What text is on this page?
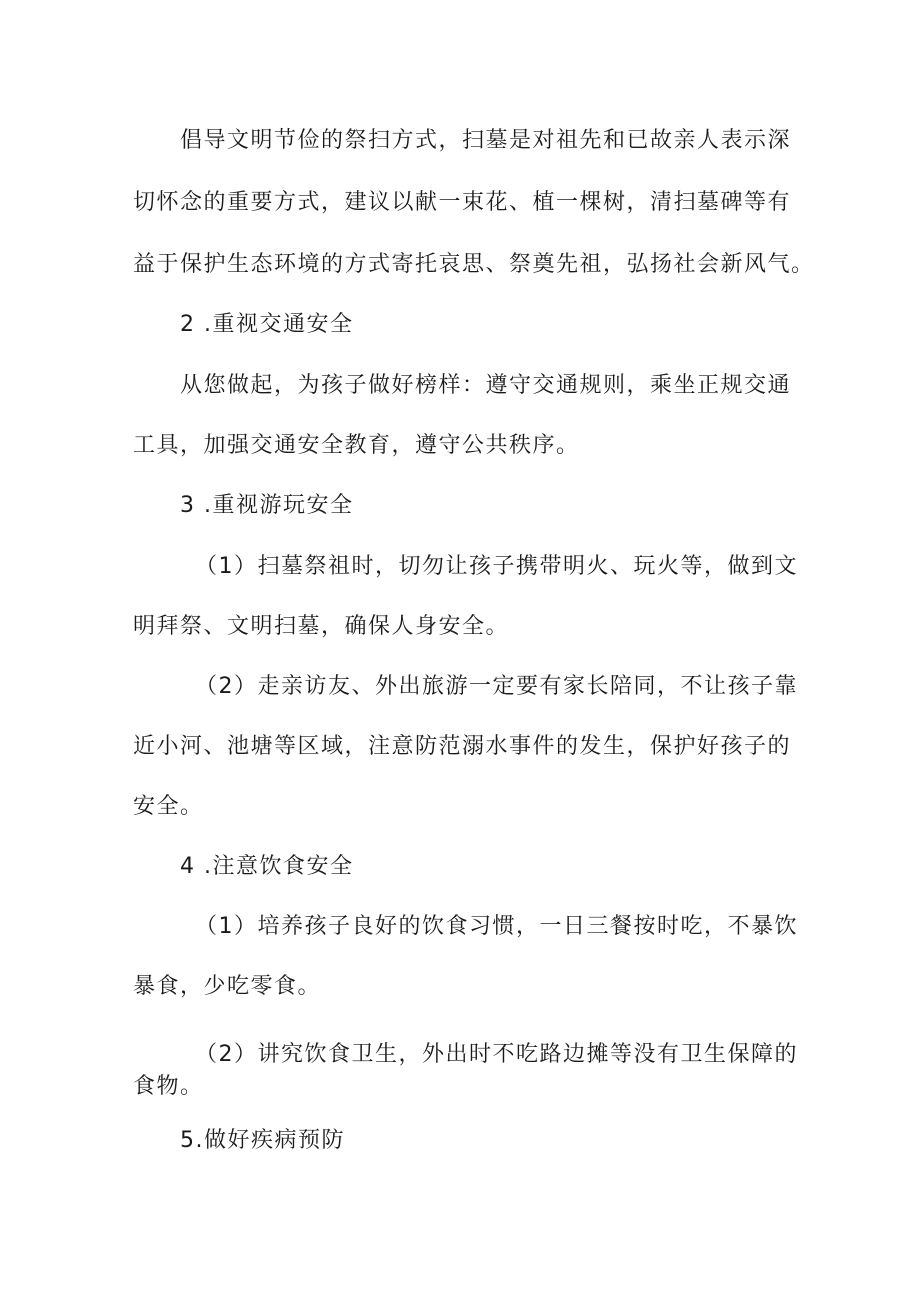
倡导文明节俭的祭扫方式，扫墓是对祖先和已故亲人表示深

切怀念的重要方式，建议以献一束花、植一棵树，清扫墓碑等有

益于保护生态环境的方式寄托哀思、祭奠先祖，弘扬社会新风气。

2 .重视交通安全

从您做起，为孩子做好榜样：遵守交通规则，乘坐正规交通

工具，加强交通安全教育，遵守公共秩序。

3 .重视游玩安全

（1）扫墓祭祖时，切勿让孩子携带明火、玩火等，做到文

明拜祭、文明扫墓，确保人身安全。

（2）走亲访友、外出旅游一定要有家长陪同，不让孩子靠

近小河、池塘等区域，注意防范溺水事件的发生，保护好孩子的

安全。

4 .注意饮食安全

（1）培养孩子良好的饮食习惯，一日三餐按时吃，不暴饮

暴食，少吃零食。

（2）讲究饮食卫生，外出时不吃路边摊等没有卫生保障的

食物。

5.做好疾病预防
